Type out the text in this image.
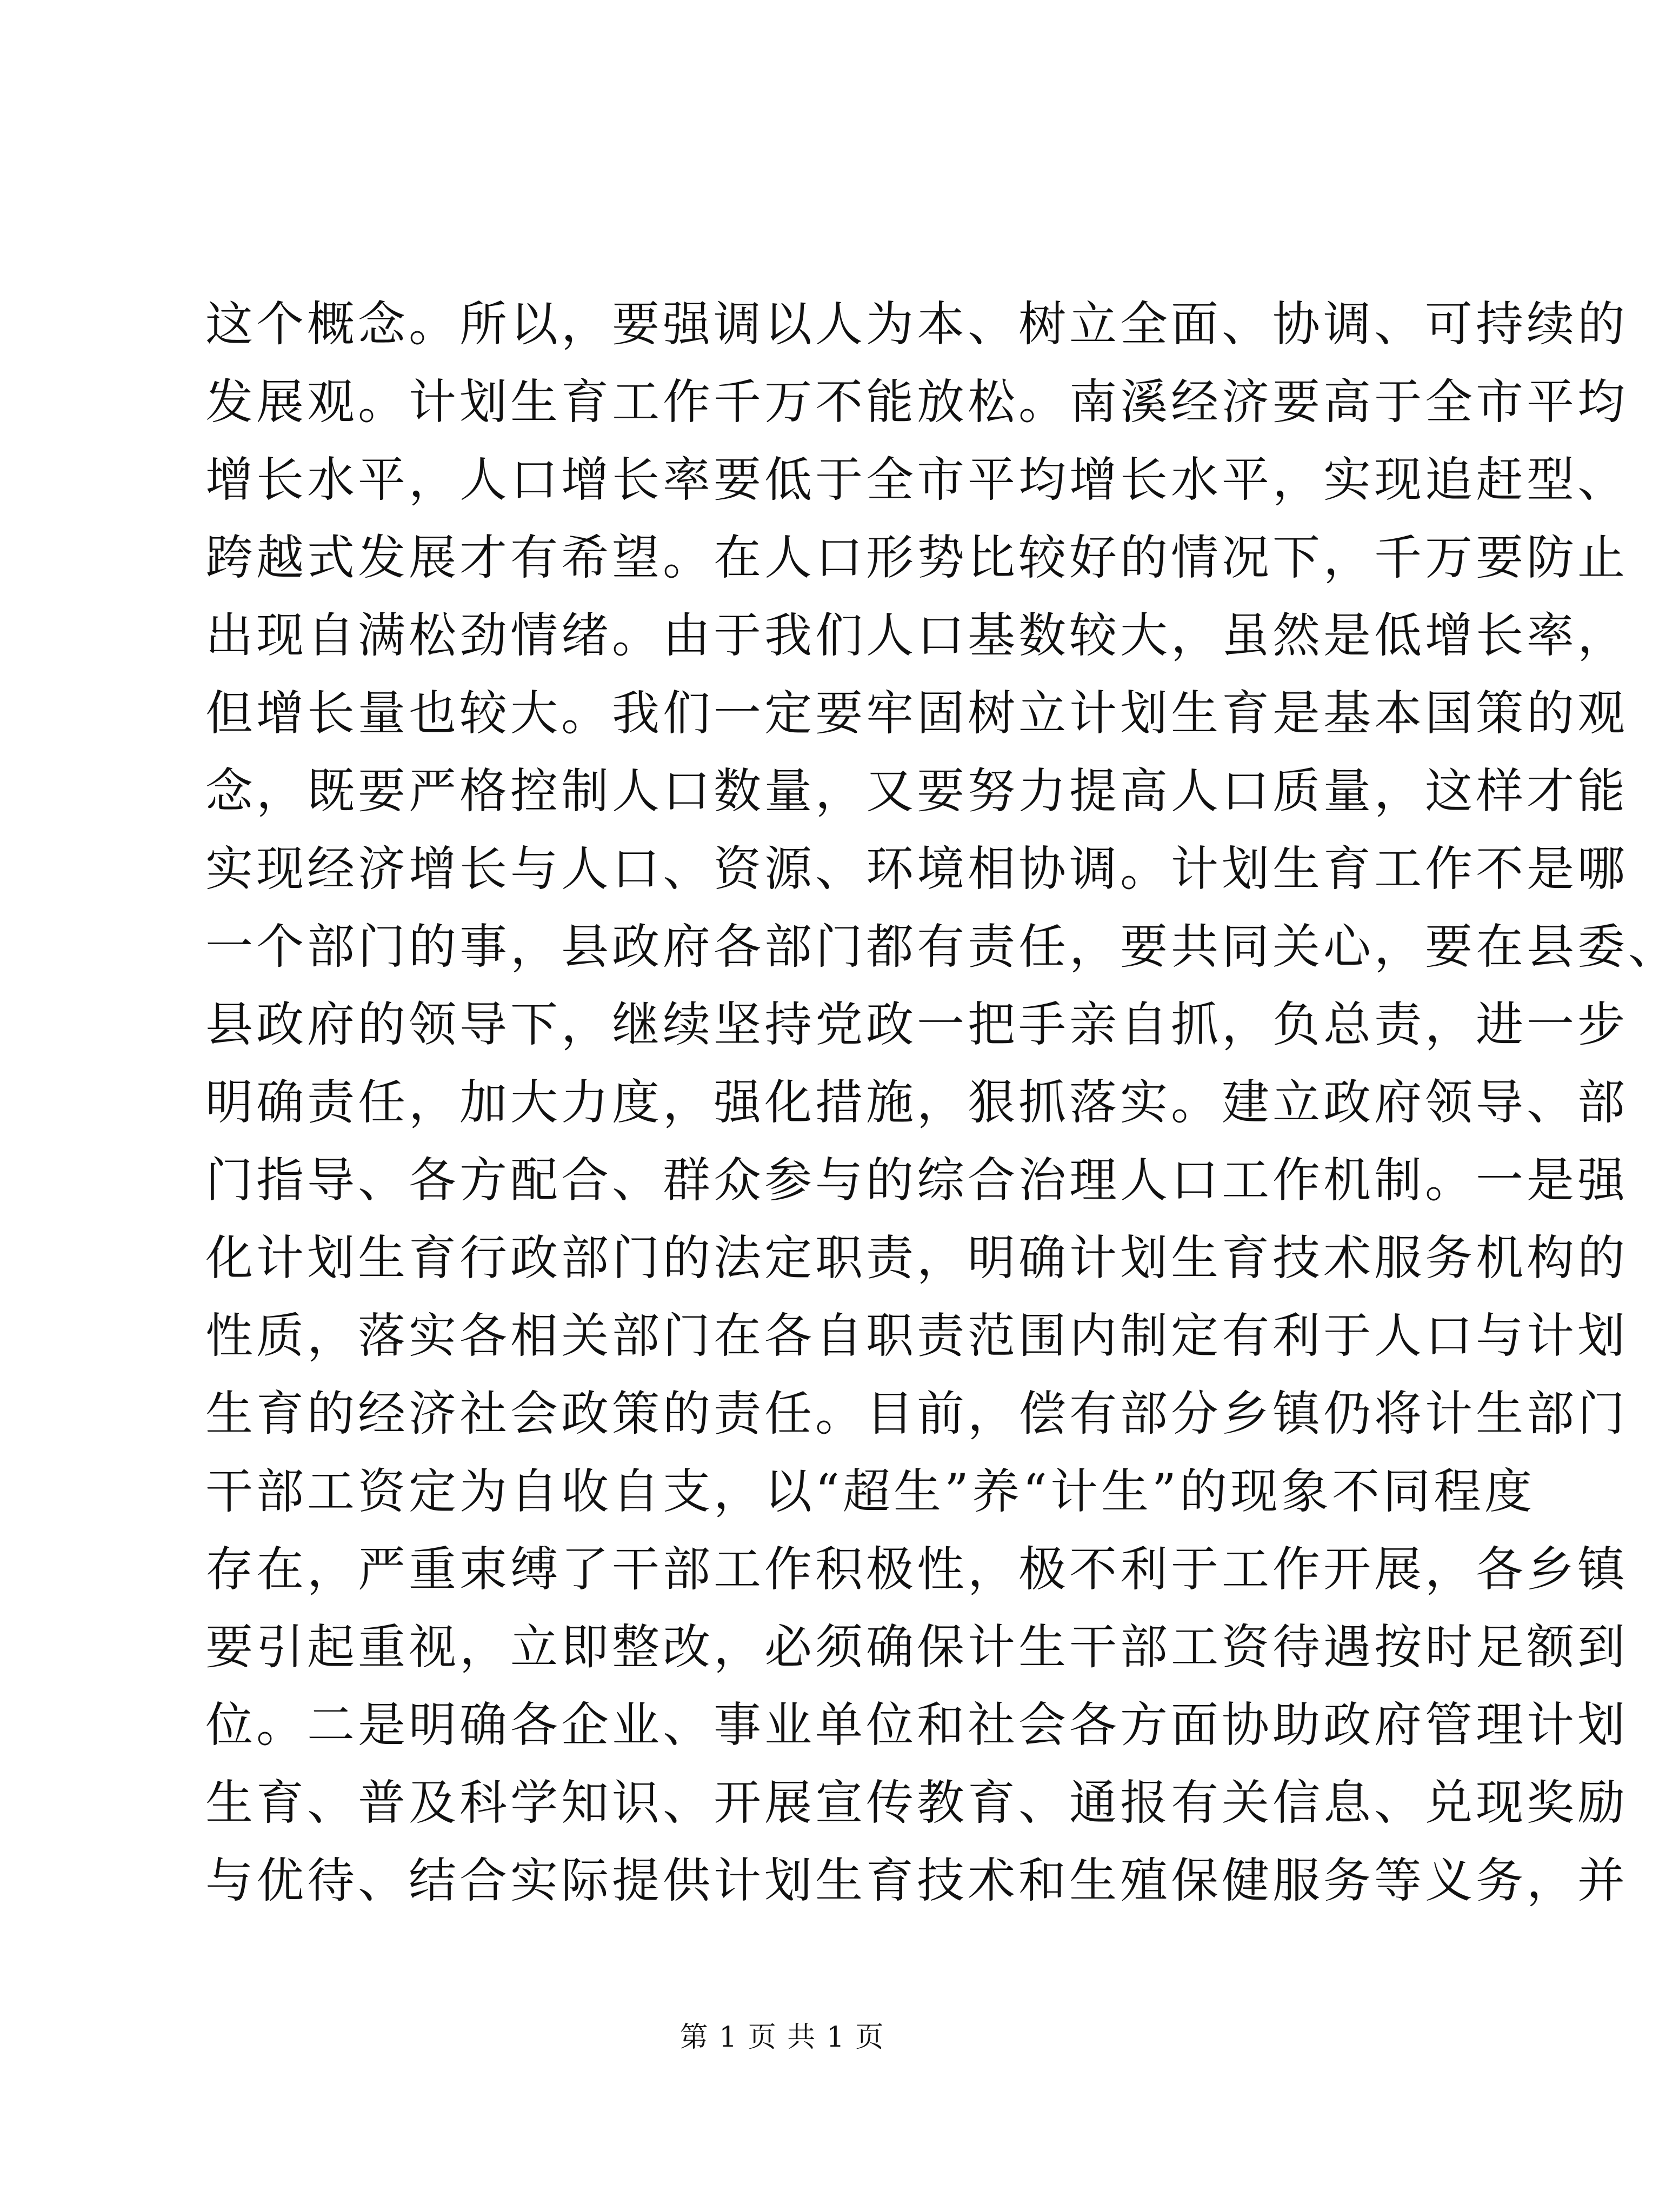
这个概念。所以，要强调以人为本、树立全面、协调、可持续的
发展观。计划生育工作千万不能放松。南溪经济要高于全市平均
增长水平，人口增长率要低于全市平均增长水平，实现追赶型、
跨越式发展才有希望。在人口形势比较好的情况下，千万要防止
出现自满松劲情绪。由于我们人口基数较大，虽然是低增长率，
但增长量也较大。我们一定要牢固树立计划生育是基本国策的观
念，既要严格控制人口数量，又要努力提高人口质量，这样才能
实现经济增长与人口、资源、环境相协调。计划生育工作不是哪
一个部门的事，县政府各部门都有责任，要共同关心，要在县委、
县政府的领导下，继续坚持党政一把手亲自抓，负总责，进一步
明确责任，加大力度，强化措施，狠抓落实。建立政府领导、部
门指导、各方配合、群众参与的综合治理人口工作机制。一是强
化计划生育行政部门的法定职责，明确计划生育技术服务机构的
性质，落实各相关部门在各自职责范围内制定有利于人口与计划
生育的经济社会政策的责任。目前，偿有部分乡镇仍将计生部门
干部工资定为自收自支，以“超生”养“计生”的现象不同程度
存在，严重束缚了干部工作积极性，极不利于工作开展，各乡镇
要引起重视，立即整改，必须确保计生干部工资待遇按时足额到
位。二是明确各企业、事业单位和社会各方面协助政府管理计划
生育、普及科学知识、开展宣传教育、通报有关信息、兑现奖励
与优待、结合实际提供计划生育技术和生殖保健服务等义务，并
第 1 页 共 1 页
